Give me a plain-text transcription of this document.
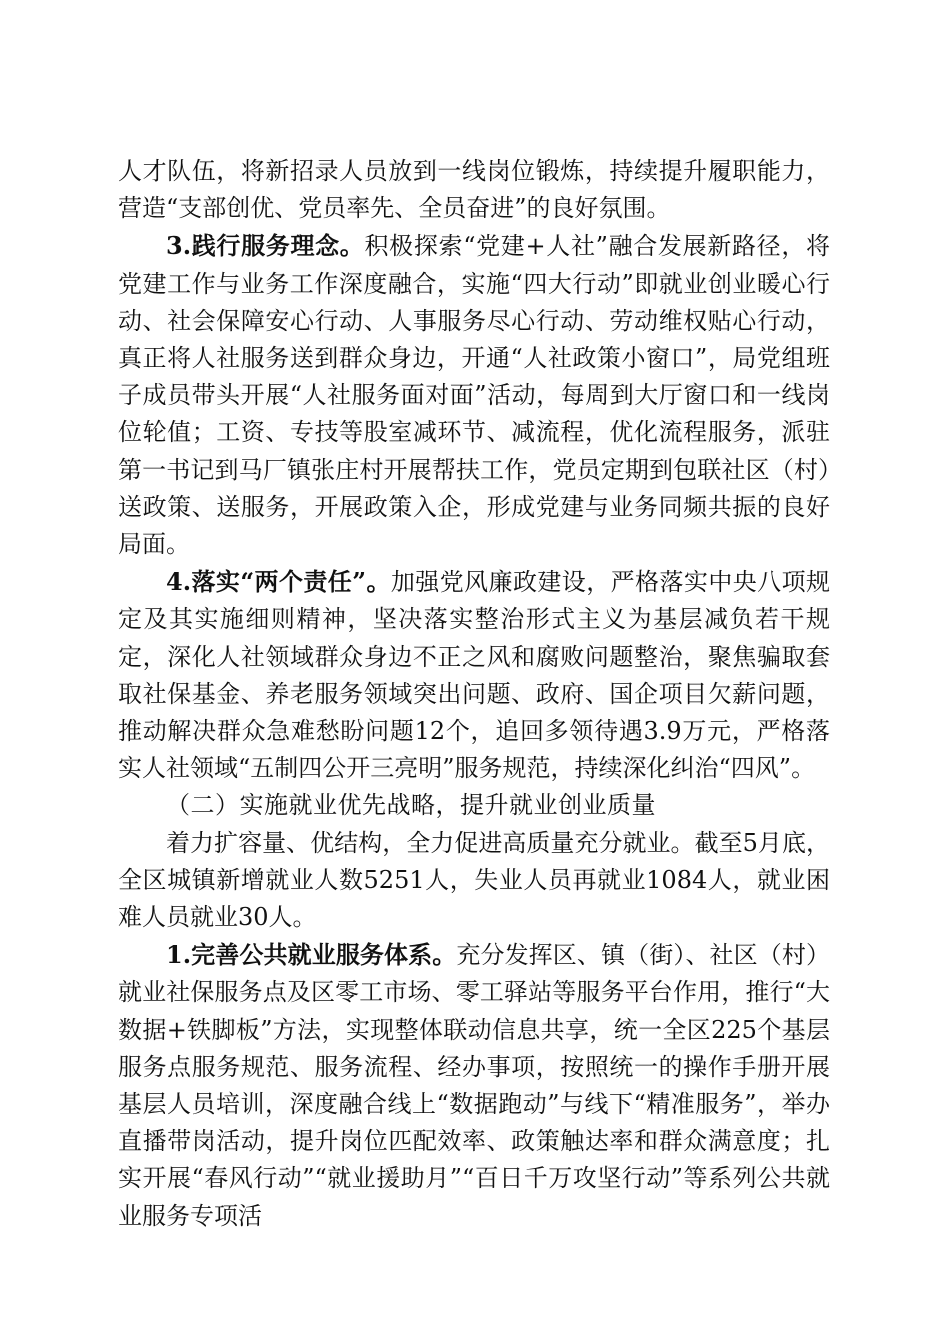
人才队伍，将新招录人员放到一线岗位锻炼，持续提升履职能力，营造“支部创优、党员率先、全员奋进”的良好氛围。

3.践行服务理念。积极探索“党建+人社”融合发展新路径，将党建工作与业务工作深度融合，实施“四大行动”即就业创业暖心行动、社会保障安心行动、人事服务尽心行动、劳动维权贴心行动，真正将人社服务送到群众身边，开通“人社政策小窗口”，局党组班子成员带头开展“人社服务面对面”活动，每周到大厅窗口和一线岗位轮值；工资、专技等股室减环节、减流程，优化流程服务，派驻第一书记到马厂镇张庄村开展帮扶工作，党员定期到包联社区（村）送政策、送服务，开展政策入企，形成党建与业务同频共振的良好局面。

4.落实“两个责任”。加强党风廉政建设，严格落实中央八项规定及其实施细则精神，坚决落实整治形式主义为基层减负若干规定，深化人社领域群众身边不正之风和腐败问题整治，聚焦骗取套取社保基金、养老服务领域突出问题、政府、国企项目欠薪问题，推动解决群众急难愁盼问题12个，追回多领待遇3.9万元，严格落实人社领域“五制四公开三亮明”服务规范，持续深化纠治“四风”。

（二）实施就业优先战略，提升就业创业质量

着力扩容量、优结构，全力促进高质量充分就业。截至5月底，全区城镇新增就业人数5251人，失业人员再就业1084人，就业困难人员就业30人。

1.完善公共就业服务体系。充分发挥区、镇（街）、社区（村）就业社保服务点及区零工市场、零工驿站等服务平台作用，推行“大数据+铁脚板”方法，实现整体联动信息共享，统一全区225个基层服务点服务规范、服务流程、经办事项，按照统一的操作手册开展基层人员培训，深度融合线上“数据跑动”与线下“精准服务”，举办直播带岗活动，提升岗位匹配效率、政策触达率和群众满意度；扎实开展“春风行动”“就业援助月”“百日千万攻坚行动”等系列公共就业服务专项活
